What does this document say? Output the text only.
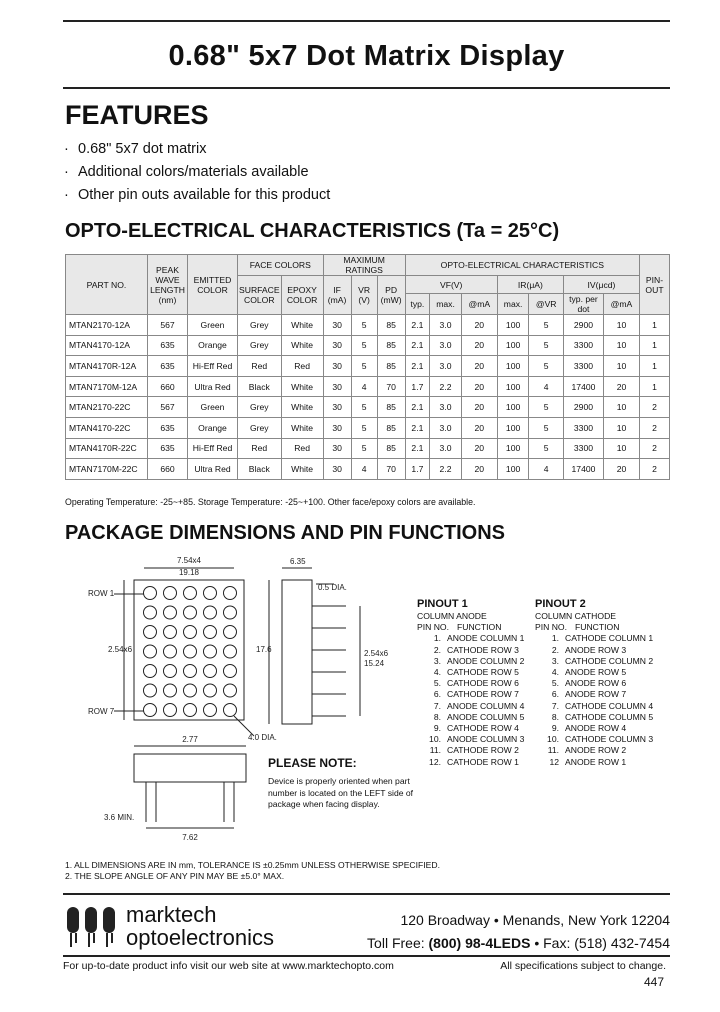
0.68" 5x7 Dot Matrix Display
FEATURES
· 0.68" 5x7 dot matrix
· Additional colors/materials available
· Other pin outs available for this product
OPTO-ELECTRICAL CHARACTERISTICS (Ta = 25°C)
PART NO.	PEAK WAVE LENGTH (nm)	EMITTED COLOR	FACE COLORS		MAXIMUM RATINGS			OPTO-ELECTRICAL CHARACTERISTICS							PIN-OUT
			SURFACE COLOR	EPOXY COLOR	IF (mA)	VR (V)	PD (mW)	VF(V)			IR(μA)		IV(μcd)		
								typ.	max.	@mA	max.	@VR	typ. per dot	@mA	
MTAN2170-12A	567	Green	Grey	White	30	5	85	2.1	3.0	20	100	5	2900	10	1
MTAN4170-12A	635	Orange	Grey	White	30	5	85	2.1	3.0	20	100	5	3300	10	1
MTAN4170R-12A	635	Hi-Eff Red	Red	Red	30	5	85	2.1	3.0	20	100	5	3300	10	1
MTAN7170M-12A	660	Ultra Red	Black	White	30	4	70	1.7	2.2	20	100	4	17400	20	1
MTAN2170-22C	567	Green	Grey	White	30	5	85	2.1	3.0	20	100	5	2900	10	2
MTAN4170-22C	635	Orange	Grey	White	30	5	85	2.1	3.0	20	100	5	3300	10	2
MTAN4170R-22C	635	Hi-Eff Red	Red	Red	30	5	85	2.1	3.0	20	100	5	3300	10	2
MTAN7170M-22C	660	Ultra Red	Black	White	30	4	70	1.7	2.2	20	100	4	17400	20	2
Operating Temperature: -25~+85. Storage Temperature: -25~+100. Other face/epoxy colors are available.
PACKAGE DIMENSIONS AND PIN FUNCTIONS
7.54x4
19.18
6.35
0.5 DIA.
17.6	2.54x6
15.24
2.77
3.6 MIN.
7.62
4.0 DIA.
ROW 1
ROW 7
2.54x6
PLEASE NOTE:
Device is properly oriented when part number is located on the LEFT side of package when facing display.
PINOUT 1
COLUMN ANODE
PIN NO. FUNCTION
1. ANODE COLUMN 1
2. CATHODE ROW 3
3. ANODE COLUMN 2
4. CATHODE ROW 5
5. CATHODE ROW 6
6. CATHODE ROW 7
7. ANODE COLUMN 4
8. ANODE COLUMN 5
9. CATHODE ROW 4
10. ANODE COLUMN 3
11. CATHODE ROW 2
12. CATHODE ROW 1
PINOUT 2
COLUMN CATHODE
PIN NO. FUNCTION
1. CATHODE COLUMN 1
2. ANODE ROW 3
3. CATHODE COLUMN 2
4. ANODE ROW 5
5. ANODE ROW 6
6. ANODE ROW 7
7. CATHODE COLUMN 4
8. CATHODE COLUMN 5
9. ANODE ROW 4
10. CATHODE COLUMN 3
11. ANODE ROW 2
12 ANODE ROW 1
1. ALL DIMENSIONS ARE IN mm, TOLERANCE IS ±0.25mm UNLESS OTHERWISE SPECIFIED.
2. THE SLOPE ANGLE OF ANY PIN MAY BE ±5.0° MAX.
marktech
optoelectronics
120 Broadway • Menands, New York 12204
Toll Free: (800) 98-4LEDS • Fax: (518) 432-7454
For up-to-date product info visit our web site at www.marktechopto.com	All specifications subject to change.
447
